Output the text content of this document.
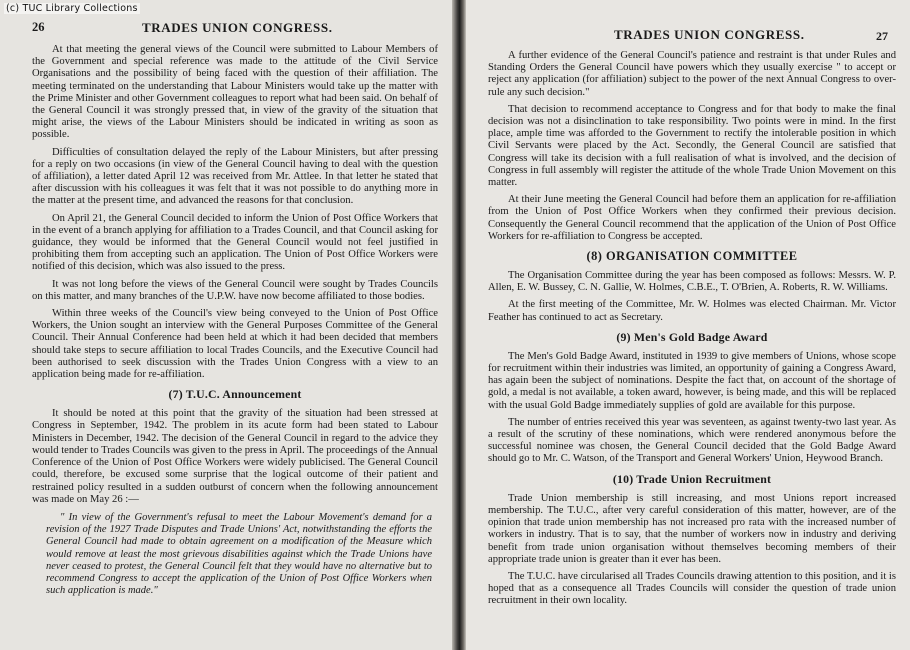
26	TRADES UNION CONGRESS.

At that meeting the general views of the Council were submitted to Labour Members of the Government and special reference was made to the attitude of the Civil Service Organisations and the possibility of being faced with the question of their affiliation. The meeting terminated on the understanding that Labour Ministers would take up the matter with the Prime Minister and other Government colleagues to report what had been said. On behalf of the General Council it was strongly pressed that, in view of the gravity of the situation that might arise, the views of the Labour Ministers should be indicated in writing as soon as possible.

Difficulties of consultation delayed the reply of the Labour Ministers, but after pressing for a reply on two occasions (in view of the General Council having to deal with the question of affiliation), a letter dated April 12 was received from Mr. Attlee. In that letter he stated that after discussion with his colleagues it was felt that it was not possible to do anything more in the matter at the present time, and advanced the reasons for that conclusion.

On April 21, the General Council decided to inform the Union of Post Office Workers that in the event of a branch applying for affiliation to a Trades Council, and that Council asking for guidance, they would be informed that the General Council would not feel justified in prohibiting them from accepting such an application. The Union of Post Office Workers were notified of this decision, which was also issued to the press.

It was not long before the views of the General Council were sought by Trades Councils on this matter, and many branches of the U.P.W. have now become affiliated to those bodies.

Within three weeks of the Council's view being conveyed to the Union of Post Office Workers, the Union sought an interview with the General Purposes Committee of the General Council. Their Annual Conference had been held at which it had been decided that members should take steps to secure affiliation to local Trades Councils, and the Executive Council had been authorised to seek discussion with the Trades Union Congress with a view to an application being made for re-affiliation.

(7) T.U.C. Announcement

It should be noted at this point that the gravity of the situation had been stressed at Congress in September, 1942. The problem in its acute form had been stated to Labour Ministers in December, 1942. The decision of the General Council in regard to the advice they would tender to Trades Councils was given to the press in April. The proceedings of the Annual Conference of the Union of Post Office Workers were widely publicised. The General Council could, therefore, be excused some surprise that the logical outcome of their patient and restrained policy resulted in a sudden outburst of concern when the following announcement was made on May 26 :—

" In view of the Government's refusal to meet the Labour Movement's demand for a revision of the 1927 Trade Disputes and Trade Unions' Act, notwithstanding the efforts the General Council had made to obtain agreement on a modification of the Measure which would remove at least the most grievous disabilities against which the Trade Unions have never ceased to protest, the General Council felt that they would have no alternative but to recommend Congress to accept the application of the Union of Post Office Workers when such application is made."

TRADES UNION CONGRESS.	27

A further evidence of the General Council's patience and restraint is that under Rules and Standing Orders the General Council have powers which they usually exercise " to accept or reject any application (for affiliation) subject to the power of the next Annual Congress to over-rule any such decision."

That decision to recommend acceptance to Congress and for that body to make the final decision was not a disinclination to take responsibility. Two points were in mind. In the first place, ample time was afforded to the Government to rectify the intolerable position in which Civil Servants were placed by the Act. Secondly, the General Council are satisfied that Congress will take its decision with a full realisation of what is involved, and the decision of Congress in full assembly will register the attitude of the whole Trade Union Movement on this matter.

At their June meeting the General Council had before them an application for re-affiliation from the Union of Post Office Workers when they confirmed their previous decision. Consequently the General Council recommend that the application of the Union of Post Office Workers for re-affiliation to Congress be accepted.

(8) ORGANISATION COMMITTEE

The Organisation Committee during the year has been composed as follows: Messrs. W. P. Allen, E. W. Bussey, C. N. Gallie, W. Holmes, C.B.E., T. O'Brien, A. Roberts, R. W. Williams.

At the first meeting of the Committee, Mr. W. Holmes was elected Chairman. Mr. Victor Feather has continued to act as Secretary.

(9) Men's Gold Badge Award

The Men's Gold Badge Award, instituted in 1939 to give members of Unions, whose scope for recruitment within their industries was limited, an opportunity of gaining a Congress Award, has again been the subject of nominations. Despite the fact that, on account of the shortage of gold, a medal is not available, a token award, however, is being made, and this will be replaced with the usual Gold Badge immediately supplies of gold are available for this purpose.

The number of entries received this year was seventeen, as against twenty-two last year. As a result of the scrutiny of these nominations, which were rendered anonymous before the successful nominee was chosen, the General Council decided that the Gold Badge Award should go to Mr. C. Watson, of the Transport and General Workers' Union, Heywood Branch.

(10) Trade Union Recruitment

Trade Union membership is still increasing, and most Unions report increased membership. The T.U.C., after very careful consideration of this matter, however, are of the opinion that trade union membership has not increased pro rata with the increased number of workers in industry. That is to say, that the number of workers now in industry and deriving benefit from trade union organisation without themselves becoming members of their appropriate trade union is greater than it ever has been.

The T.U.C. have circularised all Trades Councils drawing attention to this position, and it is hoped that as a consequence all Trades Councils will consider the question of trade union recruitment in their own locality.

(c) TUC Library Collections
